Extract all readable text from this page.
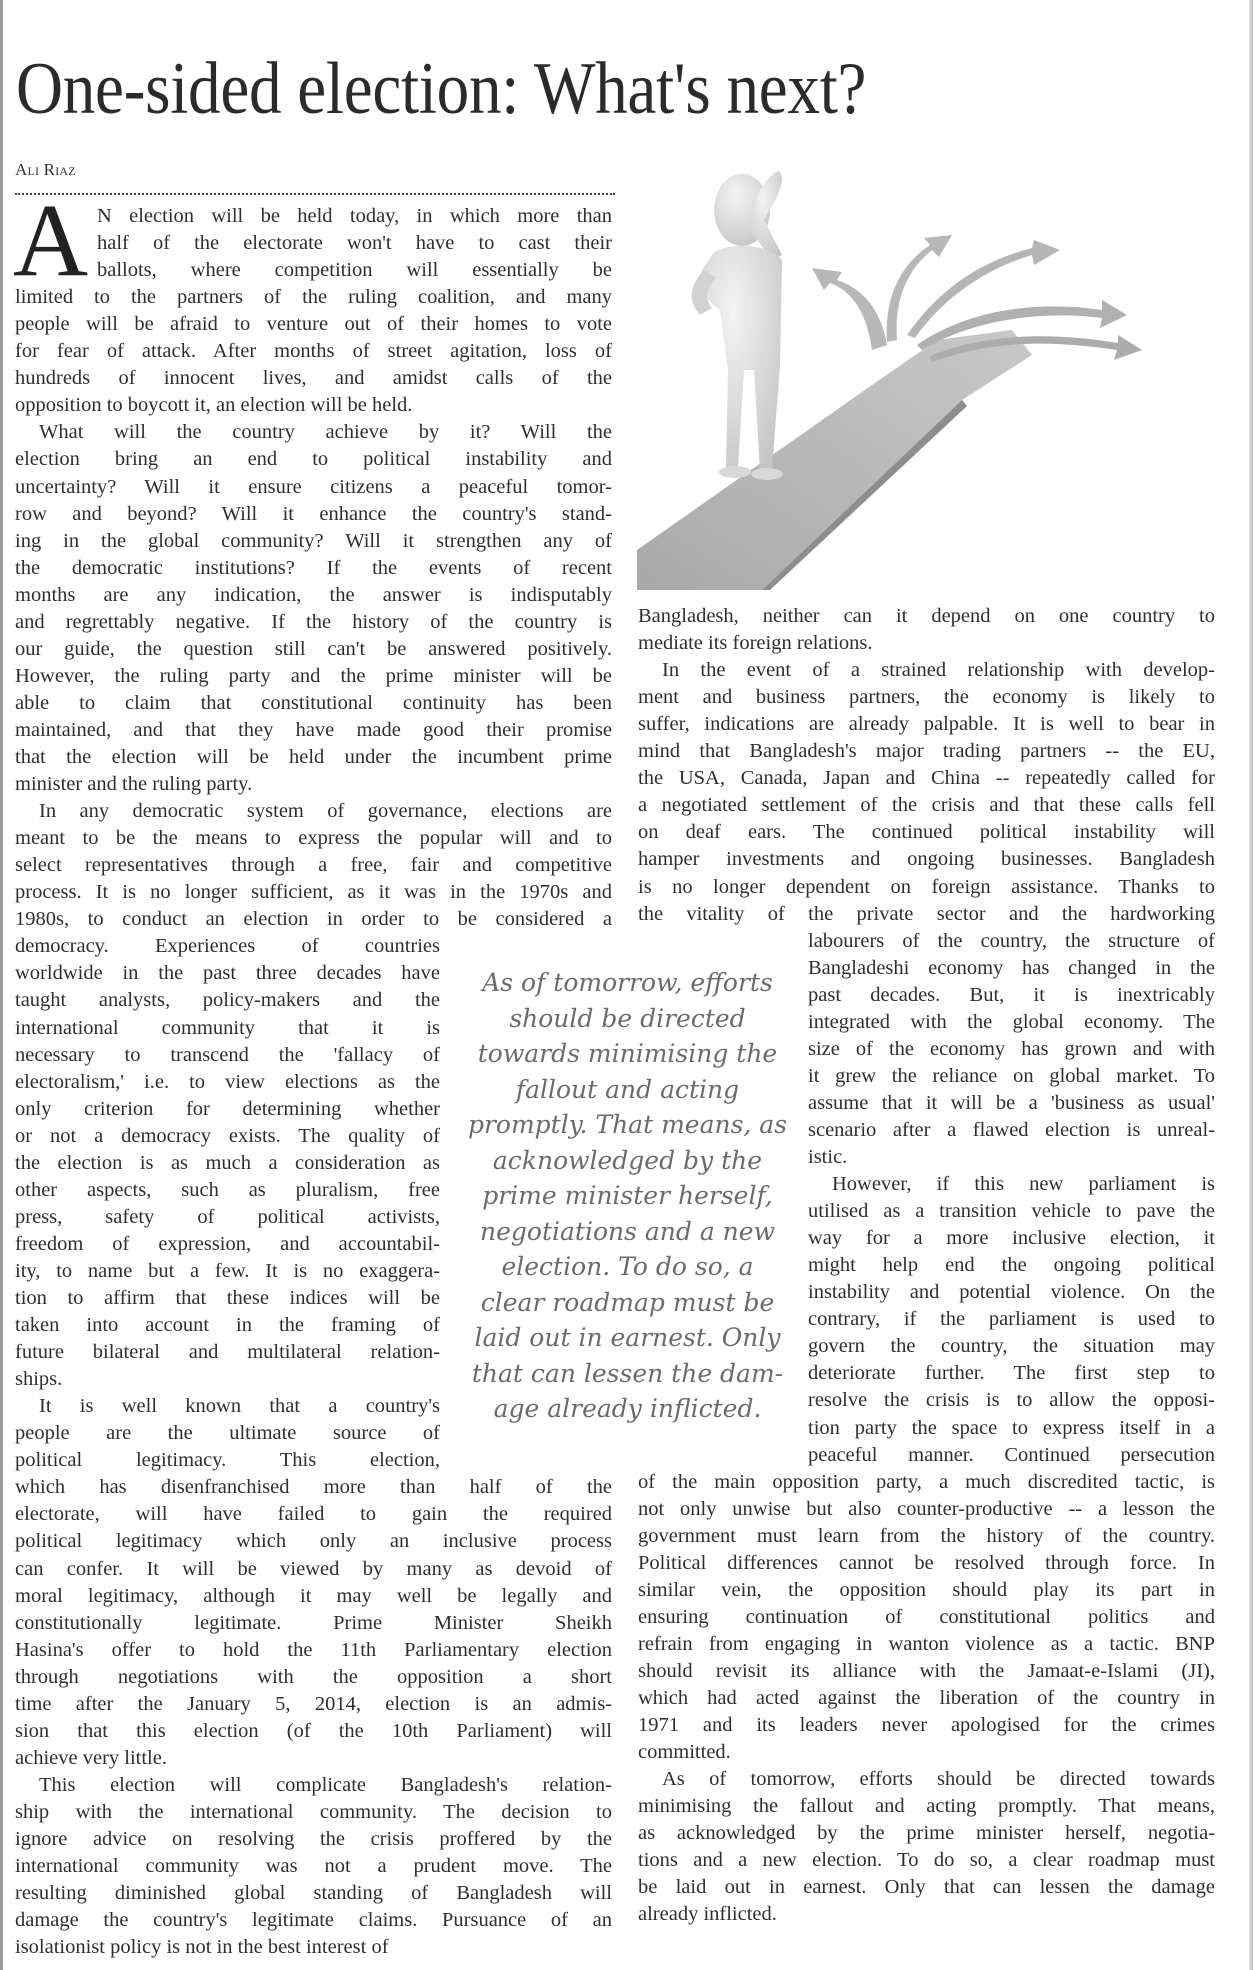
One-sided election: What's next?
Ali Riaz
A N election will be held today, in which more than
half of the electorate won't have to cast their
ballots, where competition will essentially be
limited to the partners of the ruling coalition, and many
people will be afraid to venture out of their homes to vote
for fear of attack. After months of street agitation, loss of
hundreds of innocent lives, and amidst calls of the
opposition to boycott it, an election will be held.
What will the country achieve by it? Will the
election bring an end to political instability and
uncertainty? Will it ensure citizens a peaceful tomor-
row and beyond? Will it enhance the country's stand-
ing in the global community? Will it strengthen any of
the democratic institutions? If the events of recent
months are any indication, the answer is indisputably
and regrettably negative. If the history of the country is
our guide, the question still can't be answered positively.
However, the ruling party and the prime minister will be
able to claim that constitutional continuity has been
maintained, and that they have made good their promise
that the election will be held under the incumbent prime
minister and the ruling party.
In any democratic system of governance, elections are
meant to be the means to express the popular will and to
select representatives through a free, fair and competitive
process. It is no longer sufficient, as it was in the 1970s and
1980s, to conduct an election in order to be considered a
democracy. Experiences of countries
worldwide in the past three decades have
taught analysts, policy-makers and the
international community that it is
necessary to transcend the 'fallacy of
electoralism,' i.e. to view elections as the
only criterion for determining whether
or not a democracy exists. The quality of
the election is as much a consideration as
other aspects, such as pluralism, free
press, safety of political activists,
freedom of expression, and accountabil-
ity, to name but a few. It is no exaggera-
tion to affirm that these indices will be
taken into account in the framing of
future bilateral and multilateral relation-
ships.
It is well known that a country's
people are the ultimate source of
political legitimacy. This election,
which has disenfranchised more than half of the
electorate, will have failed to gain the required
political legitimacy which only an inclusive process
can confer. It will be viewed by many as devoid of
moral legitimacy, although it may well be legally and
constitutionally legitimate. Prime Minister Sheikh
Hasina's offer to hold the 11th Parliamentary election
through negotiations with the opposition a short
time after the January 5, 2014, election is an admis-
sion that this election (of the 10th Parliament) will
achieve very little.
This election will complicate Bangladesh's relation-
ship with the international community. The decision to
ignore advice on resolving the crisis proffered by the
international community was not a prudent move. The
resulting diminished global standing of Bangladesh will
damage the country's legitimate claims. Pursuance of an
isolationist policy is not in the best interest of
As of tomorrow, efforts
should be directed
towards minimising the
fallout and acting
promptly. That means, as
acknowledged by the
prime minister herself,
negotiations and a new
election. To do so, a
clear roadmap must be
laid out in earnest. Only
that can lessen the dam-
age already inflicted.
Bangladesh, neither can it depend on one country to
mediate its foreign relations.
In the event of a strained relationship with develop-
ment and business partners, the economy is likely to
suffer, indications are already palpable. It is well to bear in
mind that Bangladesh's major trading partners -- the EU,
the USA, Canada, Japan and China -- repeatedly called for
a negotiated settlement of the crisis and that these calls fell
on deaf ears. The continued political instability will
hamper investments and ongoing businesses. Bangladesh
is no longer dependent on foreign assistance. Thanks to
the vitality of the private sector and the hardworking
labourers of the country, the structure of
Bangladeshi economy has changed in the
past decades. But, it is inextricably
integrated with the global economy. The
size of the economy has grown and with
it grew the reliance on global market. To
assume that it will be a 'business as usual'
scenario after a flawed election is unreal-
istic.
However, if this new parliament is
utilised as a transition vehicle to pave the
way for a more inclusive election, it
might help end the ongoing political
instability and potential violence. On the
contrary, if the parliament is used to
govern the country, the situation may
deteriorate further. The first step to
resolve the crisis is to allow the opposi-
tion party the space to express itself in a
peaceful manner. Continued persecution
of the main opposition party, a much discredited tactic, is
not only unwise but also counter-productive -- a lesson the
government must learn from the history of the country.
Political differences cannot be resolved through force. In
similar vein, the opposition should play its part in
ensuring continuation of constitutional politics and
refrain from engaging in wanton violence as a tactic. BNP
should revisit its alliance with the Jamaat-e-Islami (JI),
which had acted against the liberation of the country in
1971 and its leaders never apologised for the crimes
committed.
As of tomorrow, efforts should be directed towards
minimising the fallout and acting promptly. That means,
as acknowledged by the prime minister herself, negotia-
tions and a new election. To do so, a clear roadmap must
be laid out in earnest. Only that can lessen the damage
already inflicted.
